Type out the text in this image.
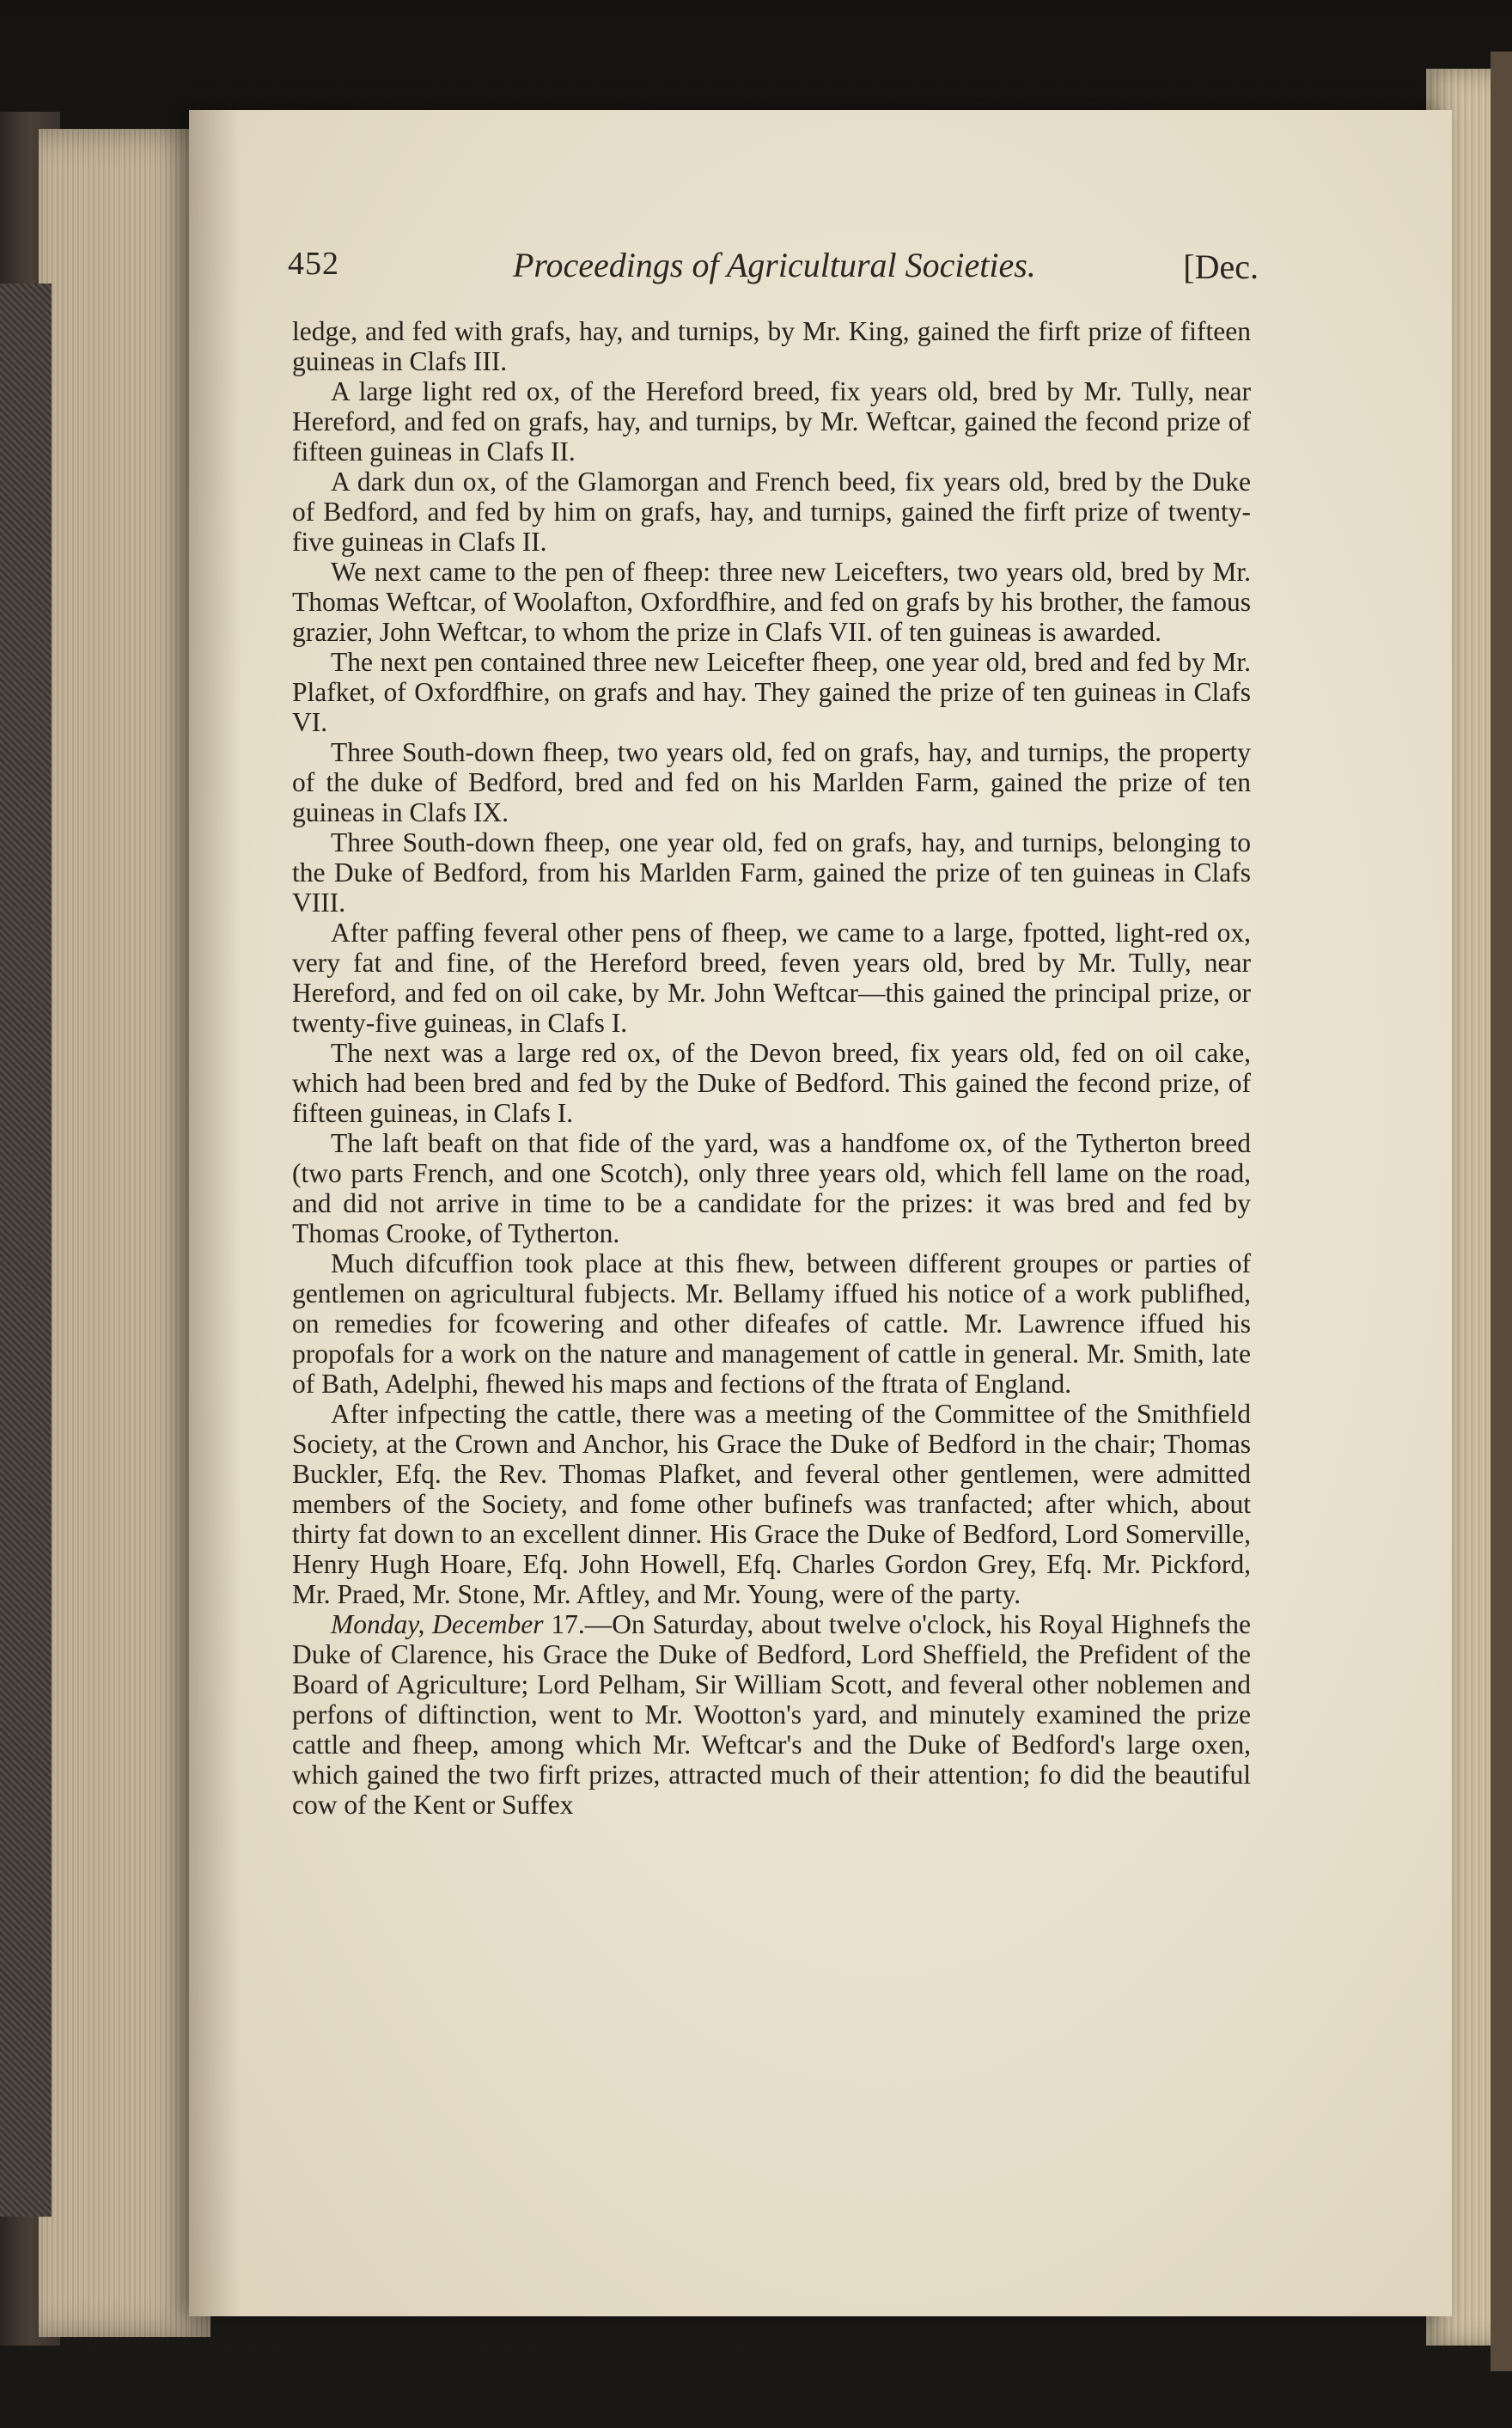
452	Proceedings of Agricultural Societies.	[Dec.

ledge, and fed with grafs, hay, and turnips, by Mr. King, gained the firft prize of fifteen guineas in Clafs III.

A large light red ox, of the Hereford breed, fix years old, bred by Mr. Tully, near Hereford, and fed on grafs, hay, and turnips, by Mr. Weftcar, gained the fecond prize of fifteen guineas in Clafs II.

A dark dun ox, of the Glamorgan and French beed, fix years old, bred by the Duke of Bedford, and fed by him on grafs, hay, and turnips, gained the firft prize of twenty-five guineas in Clafs II.

We next came to the pen of fheep: three new Leicefters, two years old, bred by Mr. Thomas Weftcar, of Woolafton, Oxfordfhire, and fed on grafs by his brother, the famous grazier, John Weftcar, to whom the prize in Clafs VII. of ten guineas is awarded.

The next pen contained three new Leicefter fheep, one year old, bred and fed by Mr. Plafket, of Oxfordfhire, on grafs and hay. They gained the prize of ten guineas in Clafs VI.

Three South-down fheep, two years old, fed on grafs, hay, and turnips, the property of the duke of Bedford, bred and fed on his Marlden Farm, gained the prize of ten guineas in Clafs IX.

Three South-down fheep, one year old, fed on grafs, hay, and turnips, belonging to the Duke of Bedford, from his Marlden Farm, gained the prize of ten guineas in Clafs VIII.

After paffing feveral other pens of fheep, we came to a large, fpotted, light-red ox, very fat and fine, of the Hereford breed, feven years old, bred by Mr. Tully, near Hereford, and fed on oil cake, by Mr. John Weftcar—this gained the principal prize, or twenty-five guineas, in Clafs I.

The next was a large red ox, of the Devon breed, fix years old, fed on oil cake, which had been bred and fed by the Duke of Bedford. This gained the fecond prize, of fifteen guineas, in Clafs I.

The laft beaft on that fide of the yard, was a handfome ox, of the Tytherton breed (two parts French, and one Scotch), only three years old, which fell lame on the road, and did not arrive in time to be a candidate for the prizes: it was bred and fed by Thomas Crooke, of Tytherton.

Much difcuffion took place at this fhew, between different groupes or parties of gentlemen on agricultural fubjects. Mr. Bellamy iffued his notice of a work publifhed, on remedies for fcowering and other difeafes of cattle. Mr. Lawrence iffued his propofals for a work on the nature and management of cattle in general. Mr. Smith, late of Bath, Adelphi, fhewed his maps and fections of the ftrata of England.

After infpecting the cattle, there was a meeting of the Committee of the Smithfield Society, at the Crown and Anchor, his Grace the Duke of Bedford in the chair; Thomas Buckler, Efq. the Rev. Thomas Plafket, and feveral other gentlemen, were admitted members of the Society, and fome other bufinefs was tranfacted; after which, about thirty fat down to an excellent dinner. His Grace the Duke of Bedford, Lord Somerville, Henry Hugh Hoare, Efq. John Howell, Efq. Charles Gordon Grey, Efq. Mr. Pickford, Mr. Praed, Mr. Stone, Mr. Aftley, and Mr. Young, were of the party.

Monday, December 17.—On Saturday, about twelve o'clock, his Royal Highnefs the Duke of Clarence, his Grace the Duke of Bedford, Lord Sheffield, the Prefident of the Board of Agriculture; Lord Pelham, Sir William Scott, and feveral other noblemen and perfons of diftinction, went to Mr. Wootton's yard, and minutely examined the prize cattle and fheep, among which Mr. Weftcar's and the Duke of Bedford's large oxen, which gained the two firft prizes, attracted much of their attention; fo did the beautiful cow of the Kent or Suffex
